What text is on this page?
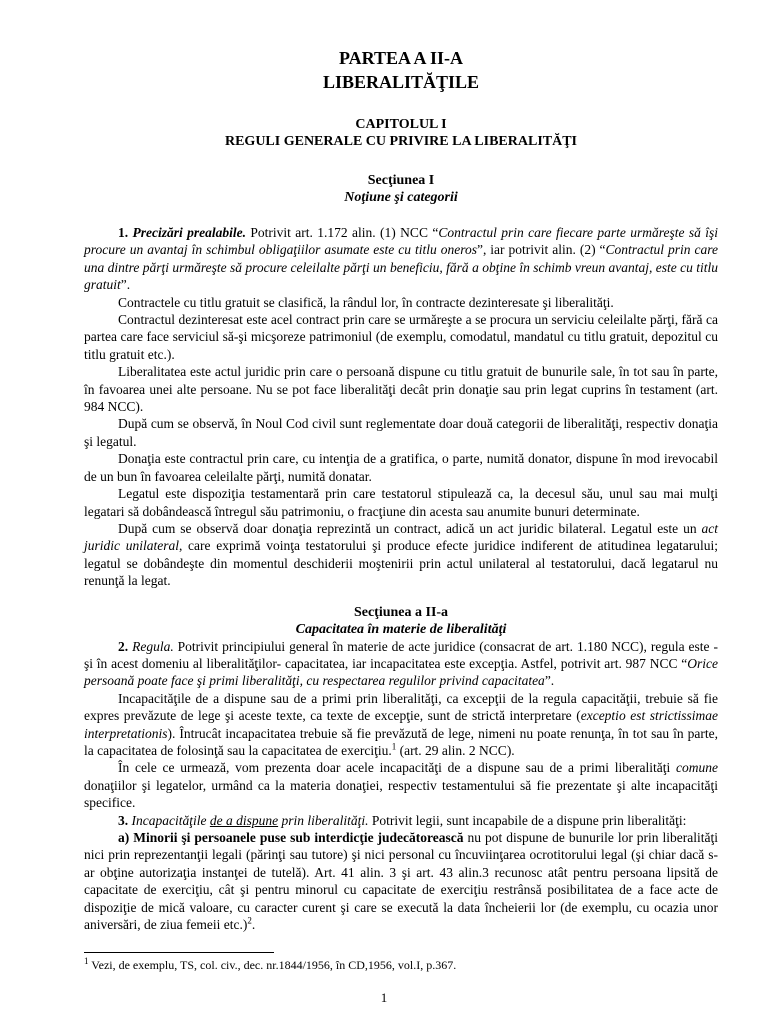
PARTEA A II-A
LIBERALITĂŢILE
CAPITOLUL I
REGULI GENERALE CU PRIVIRE LA LIBERALITĂŢI
Secţiunea I
Noţiune şi categorii

1. Precizări prealabile. Potrivit art. 1.172 alin. (1) NCC “Contractul prin care fiecare parte urmăreşte să îşi procure un avantaj în schimbul obligaţiilor asumate este cu titlu oneros”, iar potrivit alin. (2) “Contractul prin care una dintre părţi urmăreşte să procure celeilalte părţi un beneficiu, fără a obţine în schimb vreun avantaj, este cu titlu gratuit”.

Contractele cu titlu gratuit se clasifică, la rândul lor, în contracte dezinteresate şi liberalităţi.

Contractul dezinteresat este acel contract prin care se urmăreşte a se procura un serviciu celeilalte părţi, fără ca partea care face serviciul să-şi micşoreze patrimoniul (de exemplu, comodatul, mandatul cu titlu gratuit, depozitul cu titlu gratuit etc.).

Liberalitatea este actul juridic prin care o persoană dispune cu titlu gratuit de bunurile sale, în tot sau în parte, în favoarea unei alte persoane. Nu se pot face liberalităţi decât prin donaţie sau prin legat cuprins în testament (art. 984 NCC).

După cum se observă, în Noul Cod civil sunt reglementate doar două categorii de liberalităţi, respectiv donaţia şi legatul.

Donaţia este contractul prin care, cu intenţia de a gratifica, o parte, numită donator, dispune în mod irevocabil de un bun în favoarea celeilalte părţi, numită donatar.

Legatul este dispoziţia testamentară prin care testatorul stipulează ca, la decesul său, unul sau mai mulţi legatari să dobândească întregul său patrimoniu, o fracţiune din acesta sau anumite bunuri determinate.

După cum se observă doar donaţia reprezintă un contract, adică un act juridic bilateral. Legatul este un act juridic unilateral, care exprimă voinţa testatorului şi produce efecte juridice indiferent de atitudinea legatarului; legatul se dobândeşte din momentul deschiderii moştenirii prin actul unilateral al testatorului, dacă legatarul nu renunţă la legat.

Secţiunea a II-a
Capacitatea în materie de liberalităţi

2. Regula. Potrivit principiului general în materie de acte juridice (consacrat de art. 1.180 NCC), regula este - şi în acest domeniu al liberalităţilor- capacitatea, iar incapacitatea este excepţia. Astfel, potrivit art. 987 NCC “Orice persoană poate face şi primi liberalităţi, cu respectarea regulilor privind capacitatea”.

Incapacităţile de a dispune sau de a primi prin liberalităţi, ca excepţii de la regula capacităţii, trebuie să fie expres prevăzute de lege şi aceste texte, ca texte de excepţie, sunt de strictă interpretare (exceptio est strictissimae interpretationis). Întrucât incapacitatea trebuie să fie prevăzută de lege, nimeni nu poate renunţa, în tot sau în parte, la capacitatea de folosinţă sau la capacitatea de exerciţiu.$^1$ (art. 29 alin. 2 NCC).

În cele ce urmează, vom prezenta doar acele incapacităţi de a dispune sau de a primi liberalităţi comune donaţiilor şi legatelor, urmând ca la materia donaţiei, respectiv testamentului să fie prezentate şi alte incapacităţi specifice.

3. Incapacităţile de a dispune prin liberalităţi. Potrivit legii, sunt incapabile de a dispune prin liberalităţi:

a) Minorii şi persoanele puse sub interdicţie judecătorească nu pot dispune de bunurile lor prin liberalităţi nici prin reprezentanţii legali (părinţi sau tutore) şi nici personal cu încuviinţarea ocrotitorului legal (şi chiar dacă s-ar obţine autorizaţia instanţei de tutelă). Art. 41 alin. 3 şi art. 43 alin.3 recunosc atât pentru persoana lipsită de capacitate de exerciţiu, cât şi pentru minorul cu capacitate de exerciţiu restrânsă posibilitatea de a face acte de dispoziţie de mică valoare, cu caracter curent şi care se execută la data încheierii lor (de exemplu, cu ocazia unor aniversări, de ziua femeii etc.)$^2$.

$^1$ Vezi, de exemplu, TS, col. civ., dec. nr.1844/1956, în CD,1956, vol.I, p.367.
1
